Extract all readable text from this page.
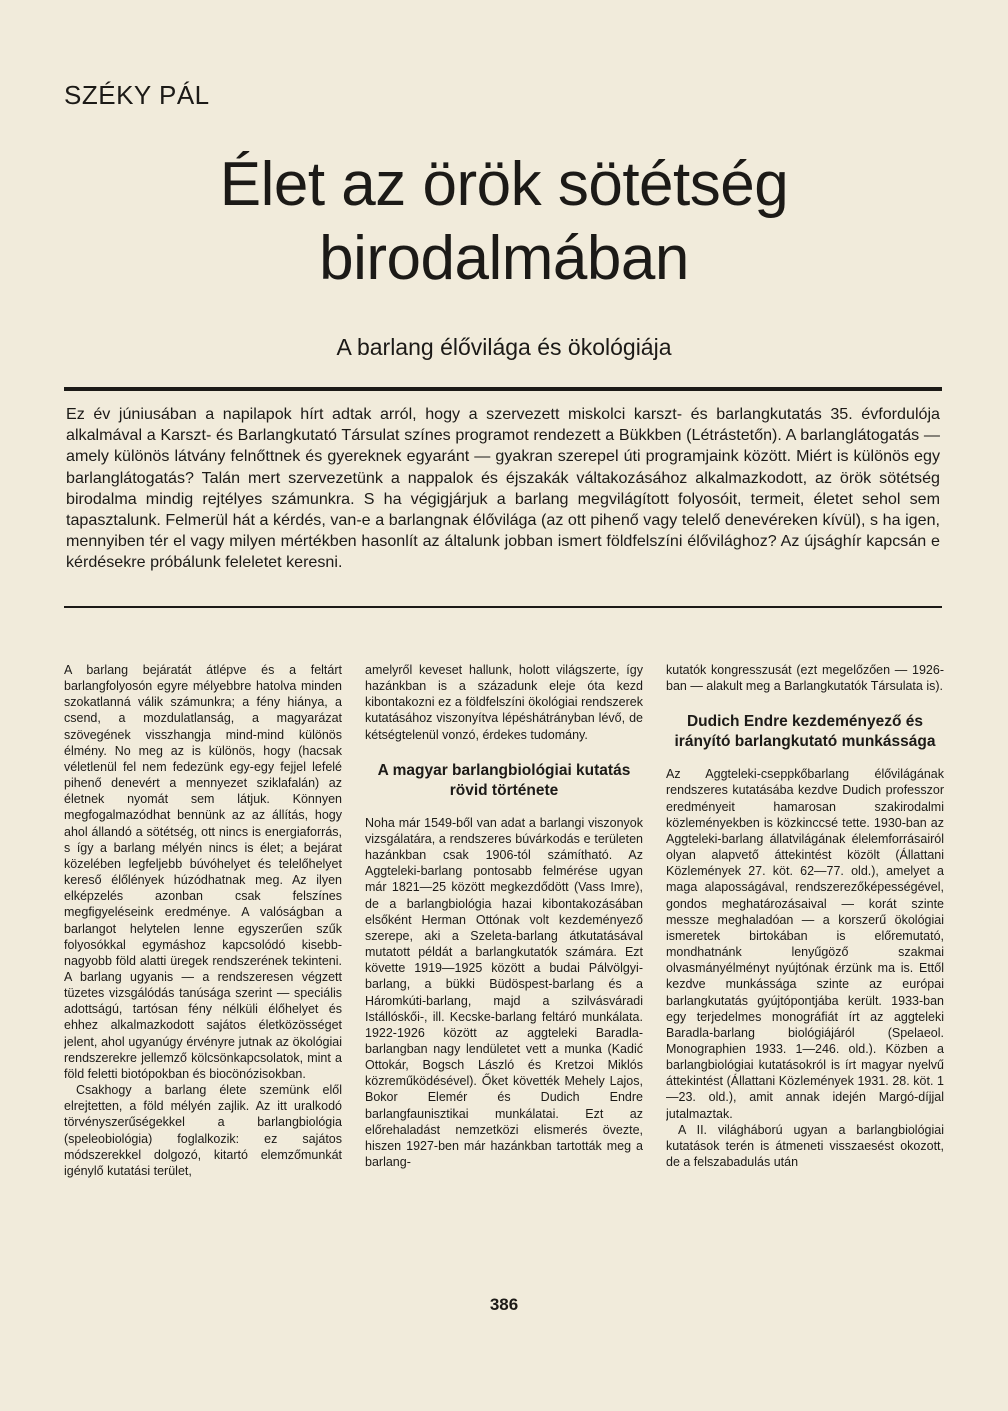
SZÉKY PÁL
Élet az örök sötétség
birodalmában
A barlang élővilága és ökológiája

Ez év júniusában a napilapok hírt adtak arról, hogy a szervezett miskolci karszt- és barlangkutatás 35. évfordulója alkalmával a Karszt- és Barlangkutató Társulat színes programot rendezett a Bükkben (Létrástetőn). A barlanglátogatás — amely különös látvány felnőttnek és gyereknek egyaránt — gyakran szerepel úti programjaink között. Miért is különös egy barlanglátogatás? Talán mert szervezetünk a nappalok és éjszakák váltakozásához alkalmazkodott, az örök sötétség birodalma mindig rejtélyes számunkra. S ha végigjárjuk a barlang megvilágított folyosóit, termeit, életet sehol sem tapasztalunk. Felmerül hát a kérdés, van-e a barlangnak élővilága (az ott pihenő vagy telelő denevéreken kívül), s ha igen, mennyiben tér el vagy milyen mértékben hasonlít az általunk jobban ismert földfelszíni élővilághoz? Az újsághír kapcsán e kérdésekre próbálunk feleletet keresni.

A barlang bejáratát átlépve és a feltárt barlangfolyosón egyre mélyebbre hatolva minden szokatlanná válik számunkra; a fény hiánya, a csend, a mozdulatlanság, a magyarázat szövegének visszhangja mind-mind különös élmény. No meg az is különös, hogy (hacsak véletlenül fel nem fedezünk egy-egy fejjel lefelé pihenő denevért a mennyezet sziklafalán) az életnek nyomát sem látjuk. Könnyen megfogalmazódhat bennünk az az állítás, hogy ahol állandó a sötétség, ott nincs is energiaforrás, s így a barlang mélyén nincs is élet; a bejárat közelében legfeljebb búvóhelyet és telelőhelyet kereső élőlények húzódhatnak meg. Az ilyen elképzelés azonban csak felszínes megfigyeléseink eredménye. A valóságban a barlangot helytelen lenne egyszerűen szűk folyosókkal egymáshoz kapcsolódó kisebb-nagyobb föld alatti üregek rendszerének tekinteni. A barlang ugyanis — a rendszeresen végzett tüzetes vizsgálódás tanúsága szerint — speciális adottságú, tartósan fény nélküli élőhelyet és ehhez alkalmazkodott sajátos életközösséget jelent, ahol ugyanúgy érvényre jutnak az ökológiai rendszerekre jellemző kölcsönkapcsolatok, mint a föld feletti biotópokban és biocönózisokban.

Csakhogy a barlang élete szemünk elől elrejtetten, a föld mélyén zajlik. Az itt uralkodó törvényszerűségekkel a barlangbiológia (speleobiológia) foglalkozik: ez sajátos módszerekkel dolgozó, kitartó elemzőmunkát igénylő kutatási terület,

amelyről keveset hallunk, holott világszerte, így hazánkban is a századunk eleje óta kezd kibontakozni ez a földfelszíni ökológiai rendszerek kutatásához viszonyítva lépéshátrányban lévő, de kétségtelenül vonzó, érdekes tudomány.

A magyar barlangbiológiai kutatás rövid története

Noha már 1549-ből van adat a barlangi viszonyok vizsgálatára, a rendszeres búvárkodás e területen hazánkban csak 1906-tól számítható. Az Aggteleki-barlang pontosabb felmérése ugyan már 1821—25 között megkezdődött (Vass Imre), de a barlangbiológia hazai kibontakozásában elsőként Herman Ottónak volt kezdeményező szerepe, aki a Szeleta-barlang átkutatásával mutatott példát a barlangkutatók számára. Ezt követte 1919—1925 között a budai Pálvölgyi-barlang, a bükki Büdöspest-barlang és a Háromkúti-barlang, majd a szilvásváradi Istállóskői-, ill. Kecske-barlang feltáró munkálata. 1922-1926 között az aggteleki Baradla-barlangban nagy lendületet vett a munka (Kadić Ottokár, Bogsch László és Kretzoi Miklós közreműködésével). Őket követték Mehely Lajos, Bokor Elemér és Dudich Endre barlangfaunisztikai munkálatai. Ezt az előrehaladást nemzetközi elismerés övezte, hiszen 1927-ben már hazánkban tartották meg a barlang-

kutatók kongresszusát (ezt megelőzően — 1926-ban — alakult meg a Barlangkutatók Társulata is).

Dudich Endre kezdeményező és irányító barlangkutató munkássága

Az Aggteleki-cseppkőbarlang élővilágának rendszeres kutatásába kezdve Dudich professzor eredményeit hamarosan szakirodalmi közleményekben is közkinccsé tette. 1930-ban az Aggteleki-barlang állatvilágának élelemforrásairól olyan alapvető áttekintést közölt (Állattani Közlemények 27. köt. 62—77. old.), amelyet a maga alaposságával, rendszerezőképességével, gondos meghatározásaival — korát szinte messze meghaladóan — a korszerű ökológiai ismeretek birtokában is előremutató, mondhatnánk lenyűgöző szakmai olvasmányélményt nyújtónak érzünk ma is. Ettől kezdve munkássága szinte az európai barlangkutatás gyújtópontjába került. 1933-ban egy terjedelmes monográfiát írt az aggteleki Baradla-barlang biológiájáról (Spelaeol. Monographien 1933. 1—246. old.). Közben a barlangbiológiai kutatásokról is írt magyar nyelvű áttekintést (Állattani Közlemények 1931. 28. köt. 1—23. old.), amit annak idején Margó-díjjal jutalmaztak.

A II. világháború ugyan a barlangbiológiai kutatások terén is átmeneti visszaesést okozott, de a felszabadulás után

386
